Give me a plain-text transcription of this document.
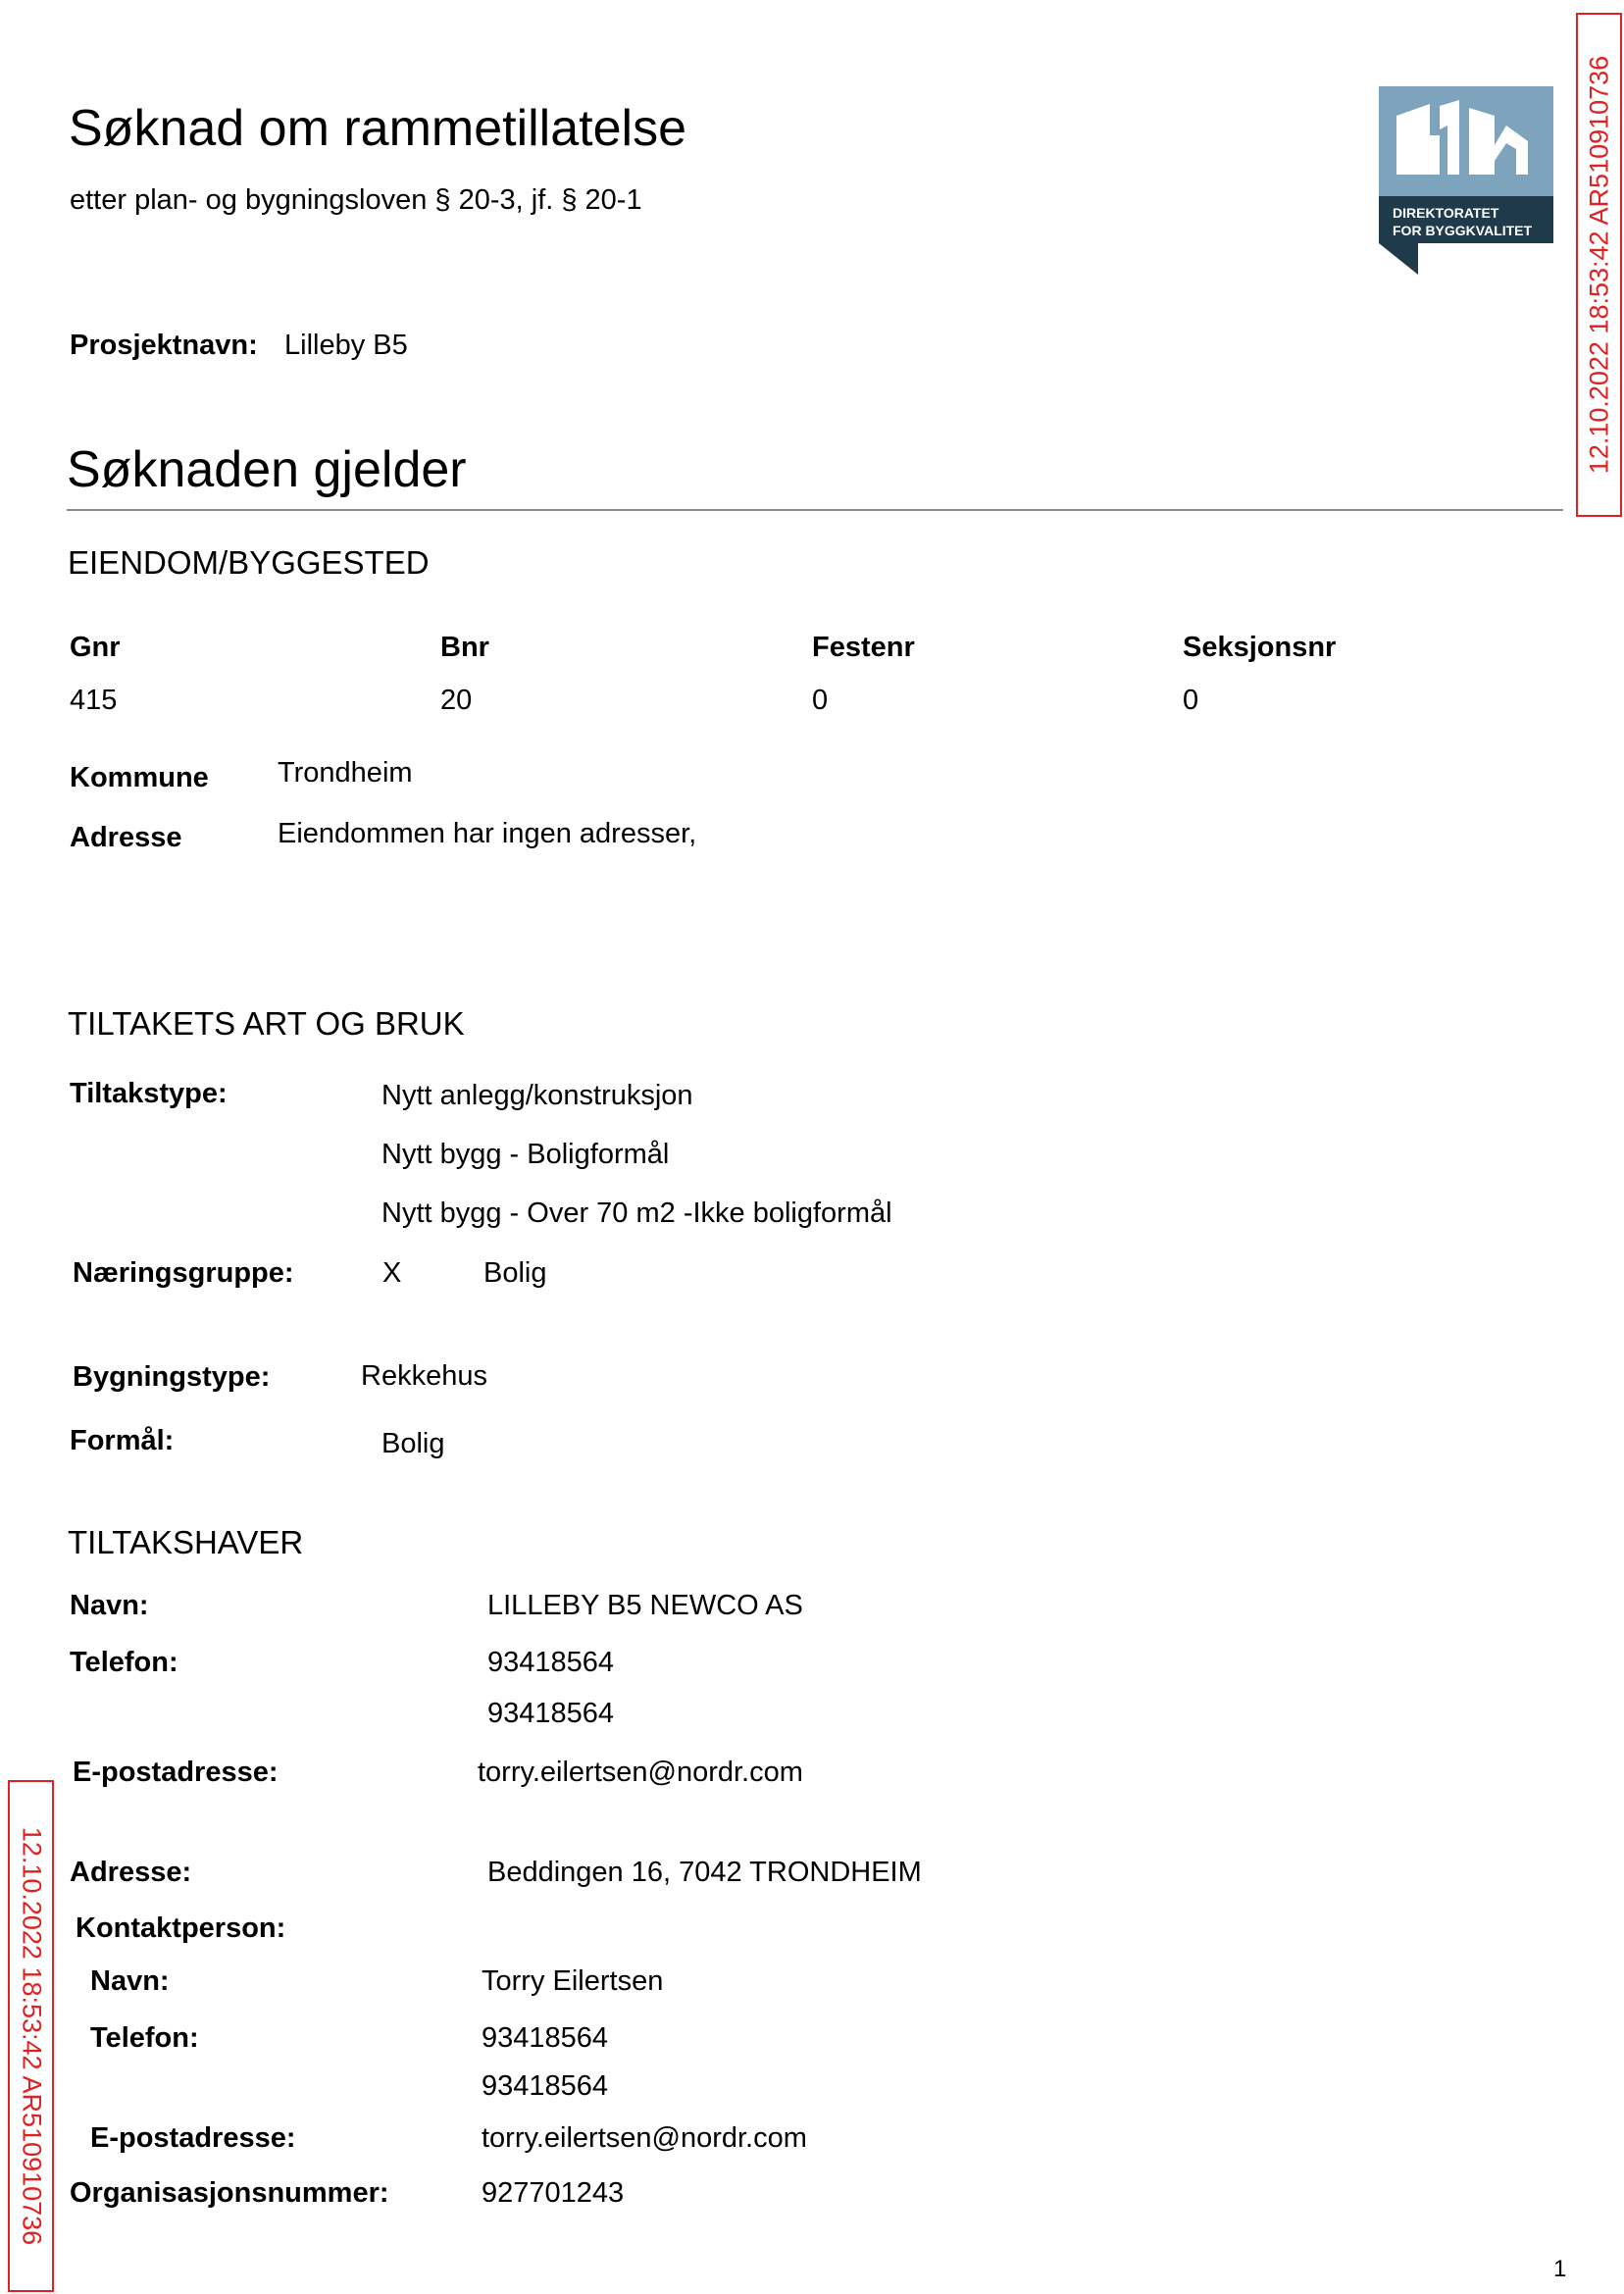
Søknad om rammetillatelse
etter plan- og bygningsloven § 20-3, jf. § 20-1	DIREKTORATET
FOR BYGGKVALITET
Prosjektnavn: Lilleby B5
Søknaden gjelder
EIENDOM/BYGGESTED
Gnr	Bnr	Festenr	Seksjonsnr
415	20	0	0
Kommune Trondheim
Adresse	Eiendommen har ingen adresser,
TILTAKETS ART OG BRUK
Tiltakstype:	Nytt anlegg/konstruksjon
Nytt bygg - Boligformål
Nytt bygg - Over 70 m2 -Ikke boligformål
Næringsgruppe:	X	Bolig
Bygningstype:	Rekkehus
Formål:	Bolig
TILTAKSHAVER
Navn:	LILLEBY B5 NEWCO AS
Telefon:	93418564
93418564
E-postadresse:	torry.eilertsen@nordr.com
Adresse:	Beddingen 16, 7042 TRONDHEIM
Kontaktperson:
Navn:	Torry Eilertsen
Telefon:	93418564
93418564
E-postadresse:	torry.eilertsen@nordr.com
Organisasjonsnummer:	927701243
12.10.2022 18:53:42 AR510910736
12.10.2022 18:53:42 AR510910736
1
